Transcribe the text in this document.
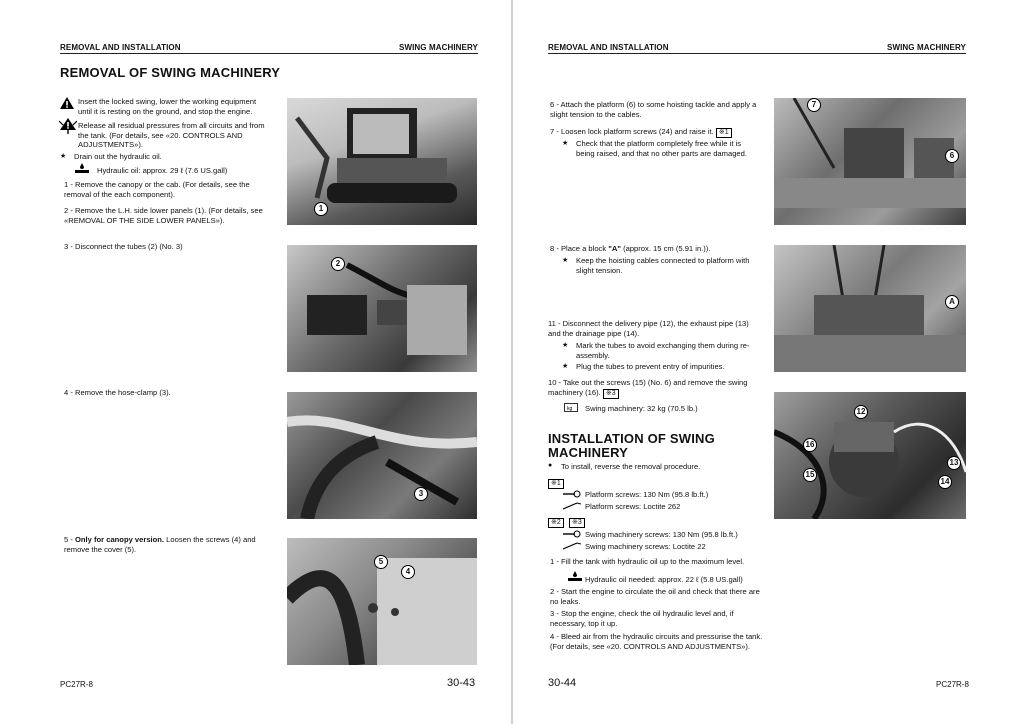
REMOVAL AND INSTALLATION	SWING MACHINERY
REMOVAL OF SWING MACHINERY
Insert the locked swing, lower the working equipment until it is resting on the ground, and stop the engine.
Release all residual pressures from all circuits and from the tank. (For details, see «20. CONTROLS AND ADJUSTMENTS»).
★ Drain out the hydraulic oil.
Hydraulic oil: approx. 29 ℓ (7.6 US.gall)
1 - Remove the canopy or the cab. (For details, see the removal of the each component).
2 - Remove the L.H. side lower panels (1). (For details, see «REMOVAL OF THE SIDE LOWER PANELS»).
3 - Disconnect the tubes (2) (No. 3)
4 - Remove the hose-clamp (3).
5 - Only for canopy version. Loosen the screws (4) and remove the cover (5).
1
2
3
5
4
PC27R-8	30-43
REMOVAL AND INSTALLATION	SWING MACHINERY
6 - Attach the platform (6) to some hoisting tackle and apply a slight tension to the cables.
7 - Loosen lock platform screws (24) and raise it. ※1
★ Check that the platform completely free while it is being raised, and that no other parts are damaged.
8 - Place a block "A" (approx. 15 cm (5.91 in.)).
★ Keep the hoisting cables connected to platform with slight tension.
11 - Disconnect the delivery pipe (12), the exhaust pipe (13) and the drainage pipe (14).
★ Mark the tubes to avoid exchanging them during re-assembly.
★ Plug the tubes to prevent entry of impurities.
10 - Take out the screws (15) (No. 6) and remove the swing machinery (16). ※3
kg Swing machinery: 32 kg (70.5 lb.)
INSTALLATION OF SWING MACHINERY
● To install, reverse the removal procedure.
※1
Platform screws: 130 Nm (95.8 lb.ft.)
Platform screws: Loctite 262
※2	※3
Swing machinery screws: 130 Nm (95.8 lb.ft.)
Swing machinery screws: Loctite 22
1 - Fill the tank with hydraulic oil up to the maximum level.
Hydraulic oil needed: approx. 22 ℓ (5.8 US.gall)
2 - Start the engine to circulate the oil and check that there are no leaks.
3 - Stop the engine, check the oil hydraulic level and, if necessary, top it up.
4 - Bleed air from the hydraulic circuits and pressurise the tank. (For details, see «20. CONTROLS AND ADJUSTMENTS»).
7
6
A
12
16
15
13
14
30-44	PC27R-8
